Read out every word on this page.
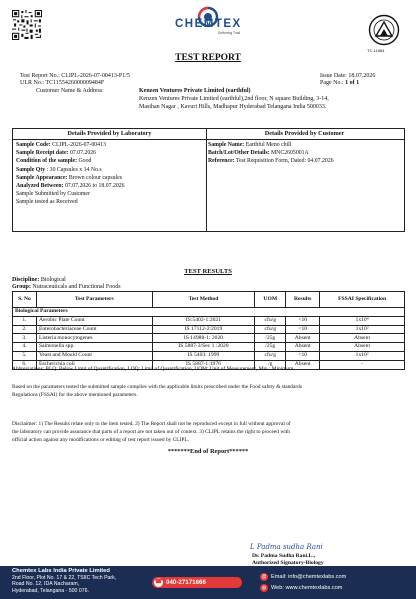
CHEMTEX
Delivering Trust
TC-11584
TEST REPORT
Test Report No.: CLIPL-2026-07-00413-P1/5
ULR No.: TC1155426000009484F
Issue Date: 18.07.2026
Page No.: 1 of 1
Customer Name & Address:	Kenzen Ventures Private Limited (earthful)
Kenzen Ventures Private Limited (earthful),2nd floor, N square Building, 3-14,
Masthan Nagar , Kavuri Hills, Madhapur Hyderabad Telangana India 500033.
Details Provided by Laboratory
Sample Code: CLIPL-2026-07-00413
Sample Receipt date: 07.07.2026
Condition of the sample: Good
Sample Qty : 30 Capsules x 14 No.s
Sample Appearance: Brown colour capsules
Analyzed Between: 07.07.2026 to 18.07.2026
Sample Submitted by Customer
Sample tested as Received
Details Provided by Customer
Sample Name: Earthful Meno chill
Batch/Lot/Other Details: MNC2605001A
Reference: Test Requisition Form, Dated: 04.07.2026
TEST RESULTS
Discipline: Biological
Group: Nutraceuticals and Functional Foods
S. No	Test Parameters	Test Method	UOM	Results	FSSAI Specification
Biological Parameters					
1.	Aerobic Plate Count	IS:5402-1:2021	cfu/g	<10	1x10⁴
2.	Enterobacteriaceae Count	IS 17112-2:2019	cfu/g	<10	1x10²
3.	Listeria monocytogenes	IS 14988-1: 2020	/25g	Absent	Absent
4.	Salmonella spp.	IS 5887-3/Sec 1 :2020	/25g	Absent	Absent
5.	Yeast and Mould Count	IS 5403: 1999	cfu/g	<10	1x10²
6.	Escherichia coli	IS 5887-1:1976	/g	Absent	-
Abbreviations: BLQ: Below Limit of Quantification, LOQ: Limit of Quantification, UOM: Unit of Measurement, Min : Minimum
Based on the parameters tested the submitted sample complies with the applicable limits prescribed under the Food safety & standards
Regulations (FSSAI) for the above mentioned parameters.
Disclaimer: 1) The Results relate only to the item tested. 2) The Report shall not be reproduced except in full without approval of
the laboratory can provide assurance that parts of a report are not taken out of context. 3) CLIPL retains the right to proceed with
official action against any modifications or editing of test report issued by CLIPL.
*******End of Report******
L Padma sudha Rani
Dr. Padma Sudha Rani.L.,
Authorized Signatory-Biology
Chemtex Labs India Private Limited
2nd Floor, Plot No. 17 & 22, TSIIC Tech Park,
Road No. 12, IDA Nacharam,
Hyderabad, Telangana - 500 076.
☎ 040-27171666
@ Email: info@chemtexlabs.com
◍ Web: www.chemtexlabs.com
